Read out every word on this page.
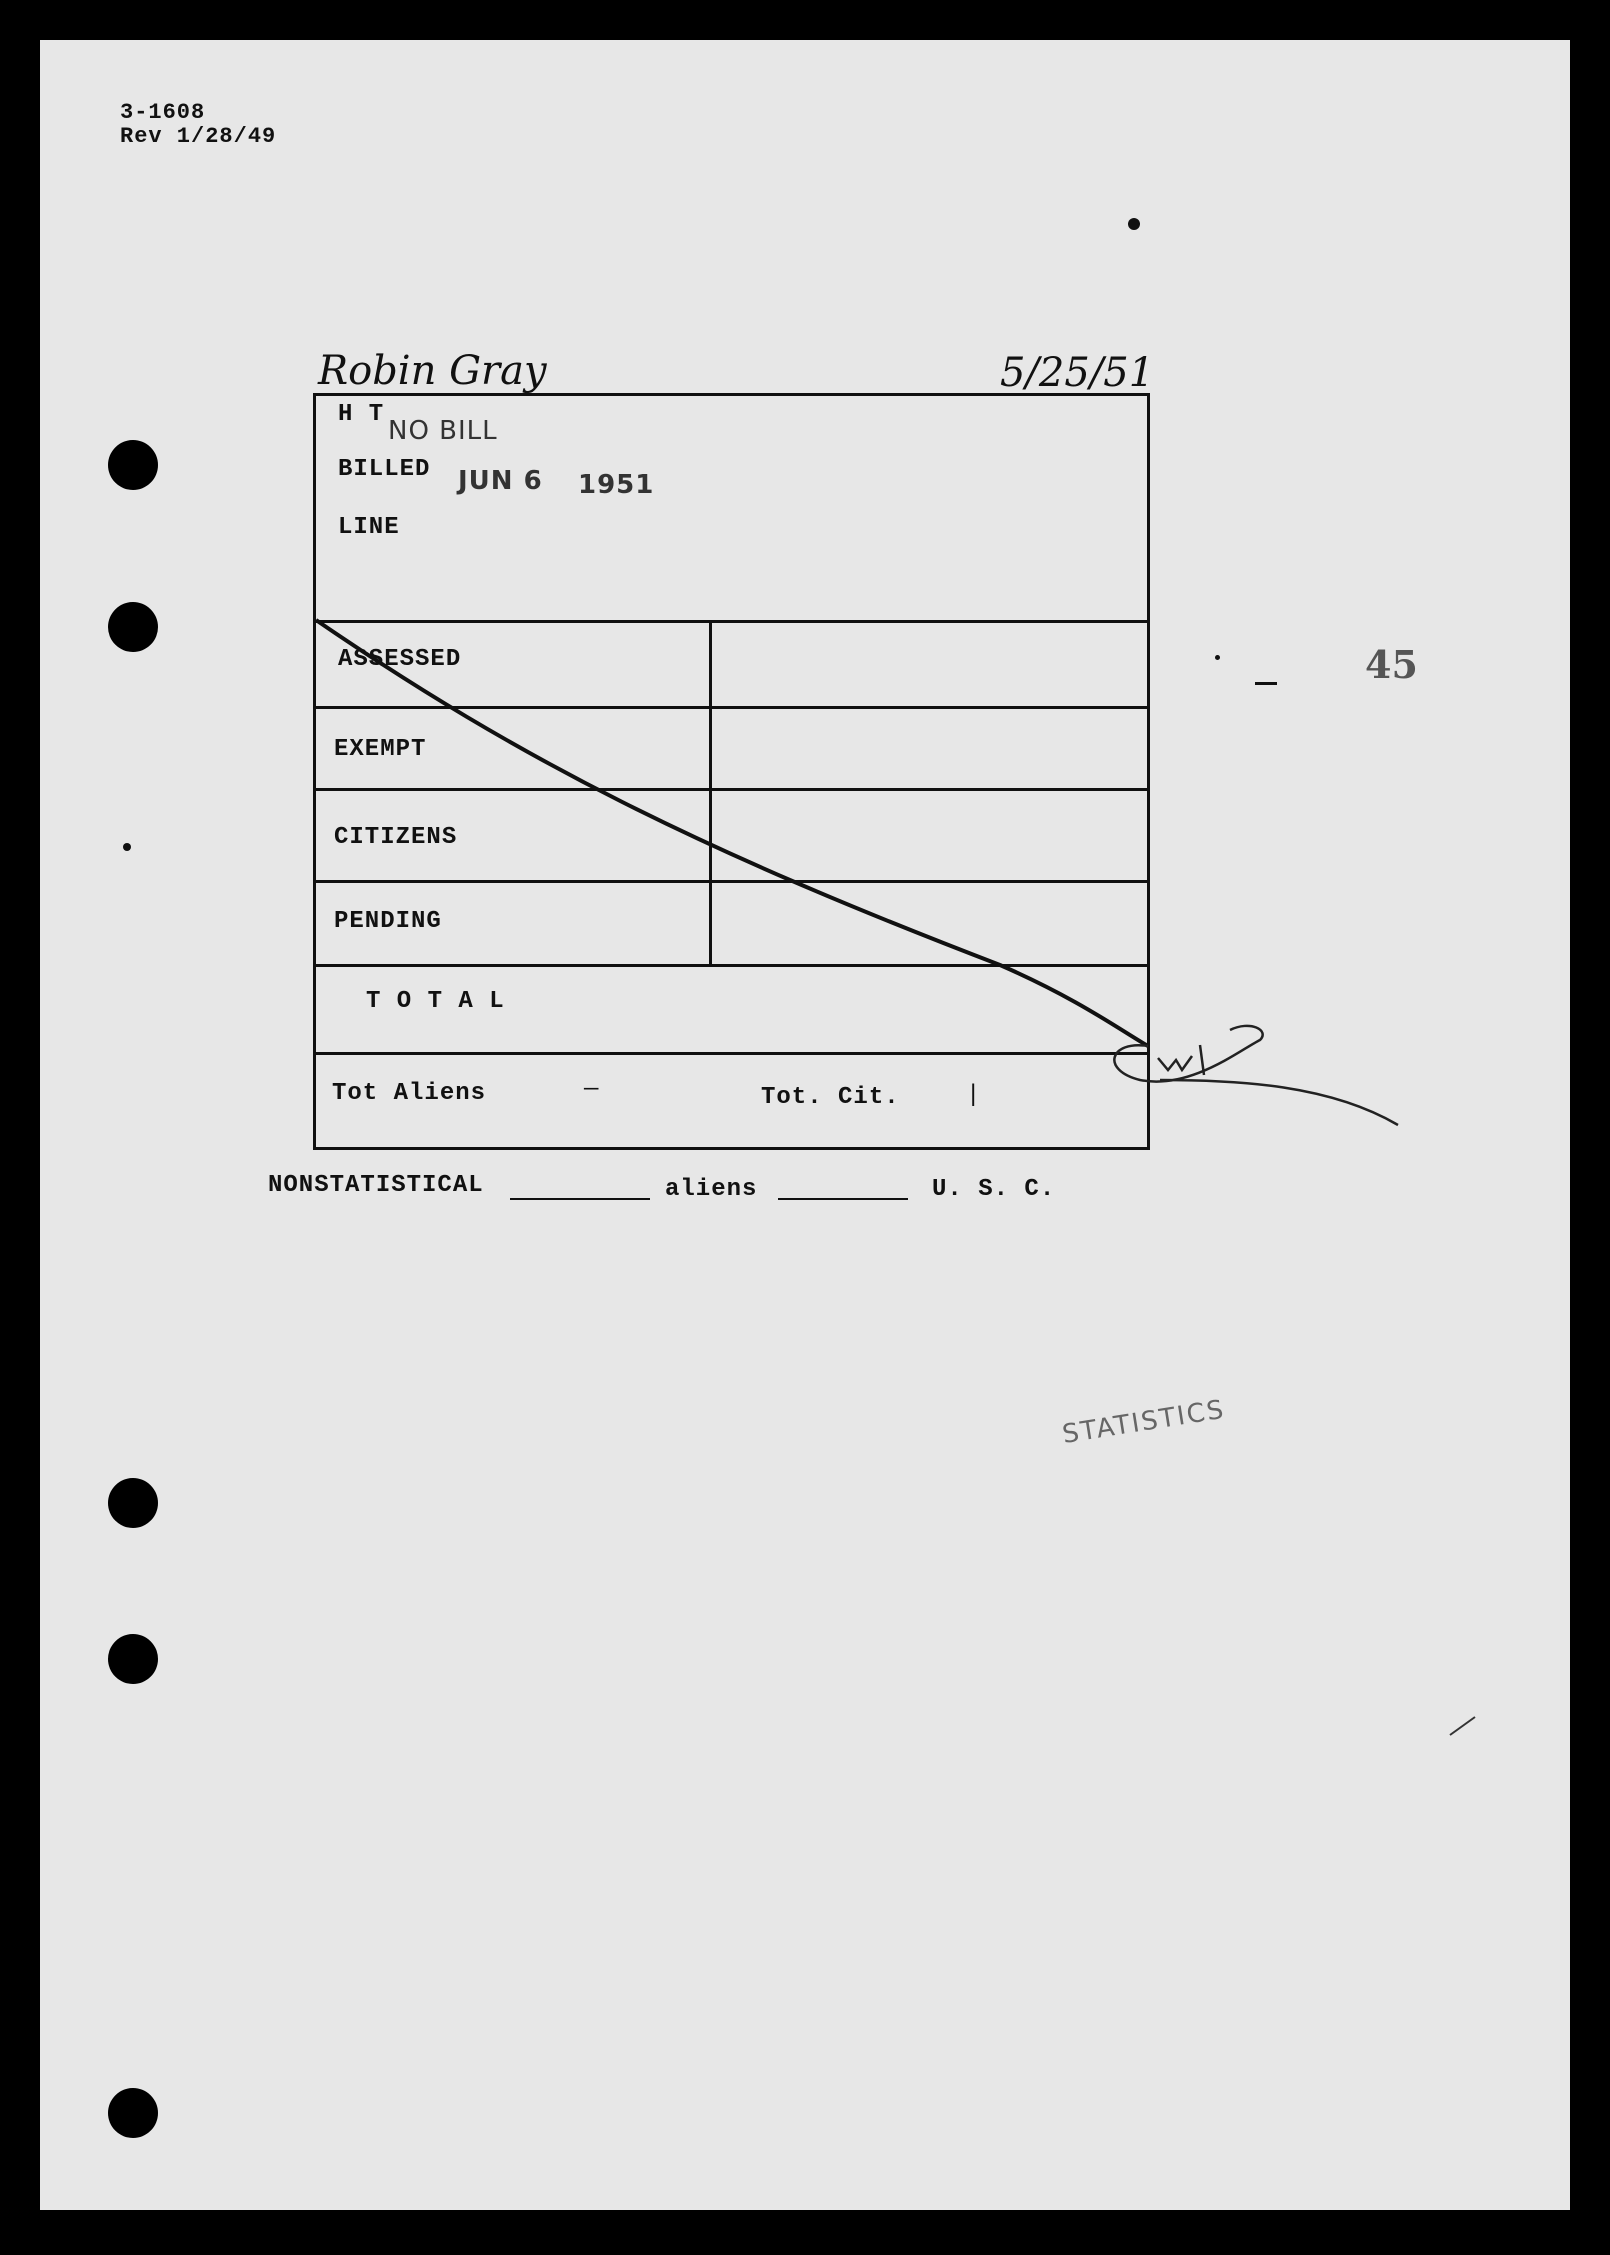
3-1608
Rev 1/28/49
Robin Gray	5/25/51
45
H T
NO BILL
BILLED JUN 6 1951
LINE
ASSESSED
EXEMPT
CITIZENS
PENDING
T O T A L
Tot Aliens	—	Tot. Cit.	|
NONSTATISTICAL	aliens	U. S. C.
STATISTICS
